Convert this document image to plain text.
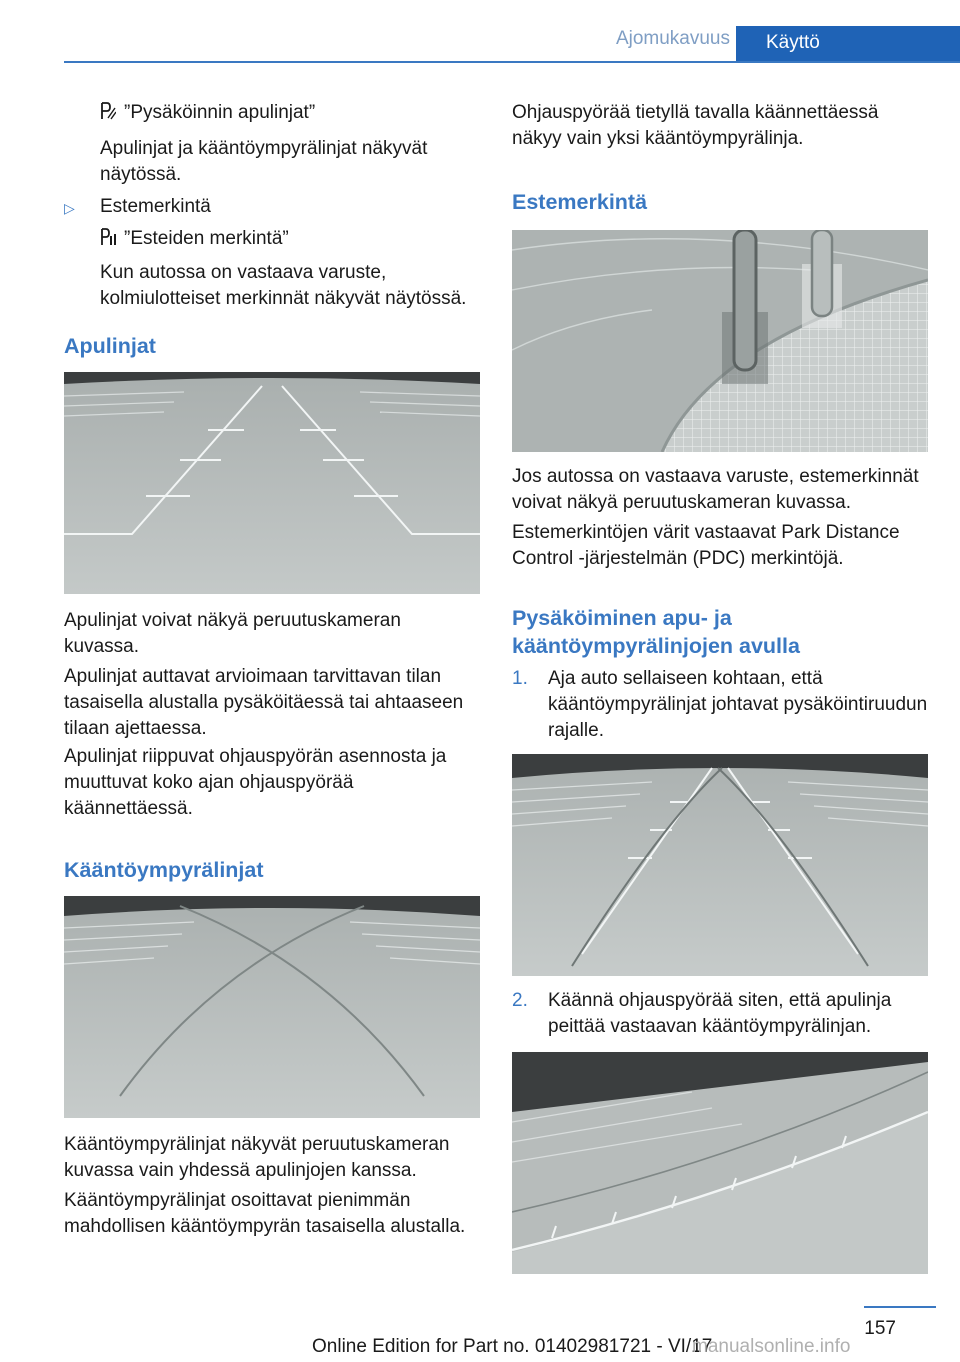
Ajomukavuus	Käyttö

”Pysäköinnin apulinjat”

Apulinjat ja kääntöympyrälinjat näkyvät näytössä.

▷ Estemerkintä

”Esteiden merkintä”

Kun autossa on vastaava varuste, kolmiulotteiset merkinnät näkyvät näytössä.

Apulinjat

Apulinjat voivat näkyä peruutuskameran kuvassa.

Apulinjat auttavat arvioimaan tarvittavan tilan tasaisella alustalla pysäköitäessä tai ahtaaseen tilaan ajettaessa.

Apulinjat riippuvat ohjauspyörän asennosta ja muuttuvat koko ajan ohjauspyörää käännettäessä.

Kääntöympyrälinjat

Kääntöympyrälinjat näkyvät peruutuskameran kuvassa vain yhdessä apulinjojen kanssa.

Kääntöympyrälinjat osoittavat pienimmän mahdollisen kääntöympyrän tasaisella alustalla.

Ohjauspyörää tietyllä tavalla käännettäessä näkyy vain yksi kääntöympyrälinja.

Estemerkintä

Jos autossa on vastaava varuste, estemerkinnät voivat näkyä peruutuskameran kuvassa.

Estemerkintöjen värit vastaavat Park Distance Control -järjestelmän (PDC) merkintöjä.

Pysäköiminen apu- ja kääntöympyrälinjojen avulla
1. Aja auto sellaiseen kohtaan, että kääntöympyrälinjat johtavat pysäköintiruudun rajalle.

2. Käännä ohjauspyörää siten, että apulinja peittää vastaavan kääntöympyrälinjan.

157
Online Edition for Part no. 01402981721 - VI/17
manualsonline.info
